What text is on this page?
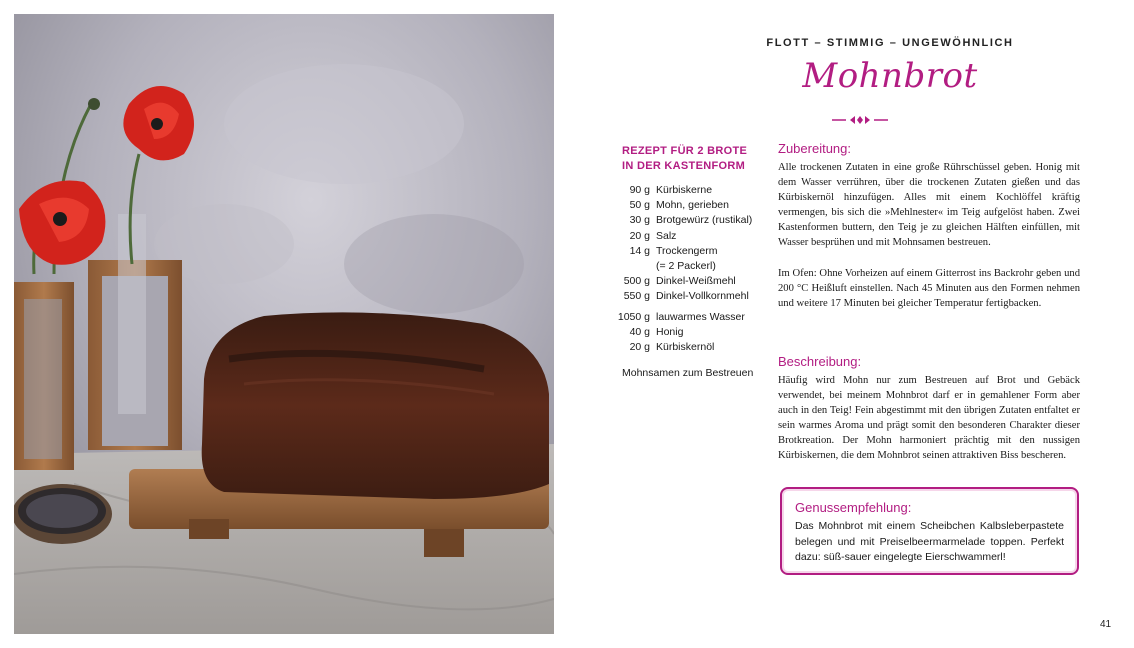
FLOTT – STIMMIG – UNGEWÖHNLICH
Mohnbrot
REZEPT FÜR 2 BROTE
IN DER KASTENFORM
90 g Kürbiskerne
50 g Mohn, gerieben
30 g Brotgewürz (rustikal)
20 g Salz
14 g Trockengerm
(= 2 Packerl)
500 g Dinkel-Weißmehl
550 g Dinkel-Vollkornmehl
1050 g lauwarmes Wasser
40 g Honig
20 g Kürbiskernöl
Mohnsamen zum Bestreuen
Zubereitung:
Alle trockenen Zutaten in eine große Rührschüssel geben. Honig mit dem Wasser verrühren, über die trockenen Zutaten gießen und das Kürbiskernöl hinzufügen. Alles mit einem Kochlöffel kräftig vermengen, bis sich die »Mehlnester« im Teig aufgelöst haben. Zwei Kastenformen buttern, den Teig je zu gleichen Hälften einfüllen, mit Wasser besprühen und mit Mohnsamen bestreuen.
Im Ofen: Ohne Vorheizen auf einem Gitterrost ins Backrohr geben und 200 °C Heißluft einstellen. Nach 45 Minuten aus den Formen nehmen und weitere 17 Minuten bei gleicher Temperatur fertigbacken.
Beschreibung:
Häufig wird Mohn nur zum Bestreuen auf Brot und Gebäck verwendet, bei meinem Mohnbrot darf er in gemahlener Form aber auch in den Teig! Fein abgestimmt mit den übrigen Zutaten entfaltet er sein warmes Aroma und prägt somit den besonderen Charakter dieser Brotkreation. Der Mohn harmoniert prächtig mit den nussigen Kürbiskernen, die dem Mohnbrot seinen attraktiven Biss bescheren.
Genussempfehlung:
Das Mohnbrot mit einem Scheibchen Kalbsleberpastete belegen und mit Preiselbeermarmelade toppen. Perfekt dazu: süß-sauer eingelegte Eierschwammerl!
41
